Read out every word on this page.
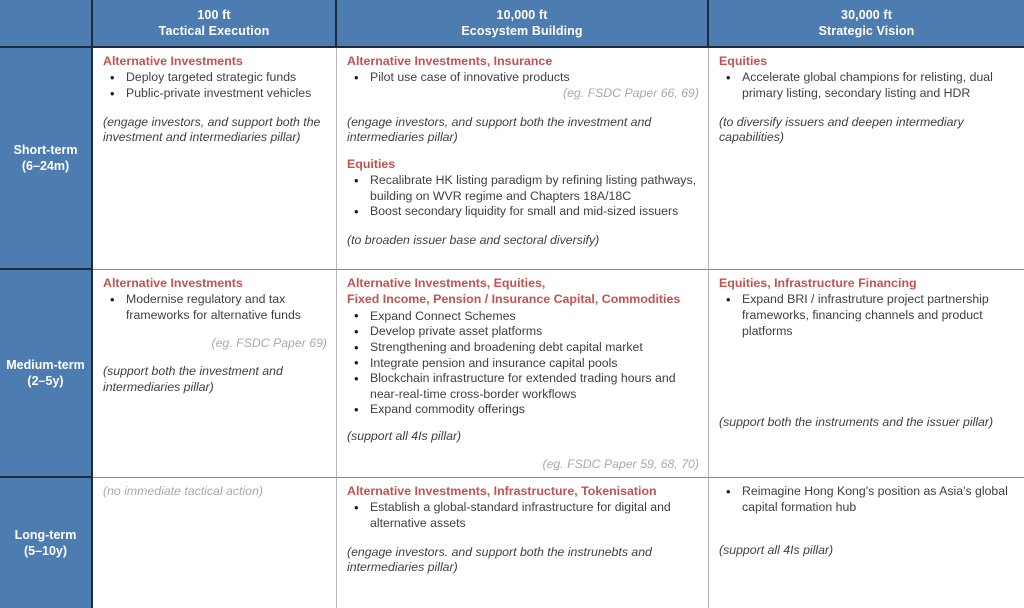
100 ft
Tactical Execution
10,000 ft
Ecosystem Building
30,000 ft
Strategic Vision
Short-term
(6–24m)
Alternative Investments
• Deploy targeted strategic funds
• Public-private investment vehicles
(engage investors, and support both the
investment and intermediaries pillar)
Alternative Investments, Insurance
• Pilot use case of innovative products
(eg. FSDC Paper 66, 69)
(engage investors, and support both the investment and intermediaries pillar)
Equities
• Recalibrate HK listing paradigm by refining listing pathways, building on WVR regime and Chapters 18A/18C
• Boost secondary liquidity for small and mid-sized issuers
(to broaden issuer base and sectoral diversify)
Equities
• Accelerate global champions for relisting, dual primary listing, secondary listing and HDR
(to diversify issuers and deepen intermediary capabilities)
Medium-term
(2–5y)
Alternative Investments
• Modernise regulatory and tax frameworks for alternative funds
(eg. FSDC Paper 69)
(support both the investment and intermediaries pillar)
Alternative Investments, Equities,
Fixed Income, Pension / Insurance Capital, Commodities
• Expand Connect Schemes
• Develop private asset platforms
• Strengthening and broadening debt capital market
• Integrate pension and insurance capital pools
• Blockchain infrastructure for extended trading hours and near-real-time cross-border workflows
• Expand commodity offerings
(support all 4Is pillar)
(eg. FSDC Paper 59, 68, 70)
Equities, Infrastructure Financing
• Expand BRI / infrastruture project partnership frameworks, financing channels and product platforms
(support both the instruments and the issuer pillar)
Long-term
(5–10y)
(no immediate tactical action)	Alternative Investments, Infrastructure, Tokenisation
• Establish a global-standard infrastructure for digital and alternative assets
(engage investors. and support both the instrunebts and intermediaries pillar)
• Reimagine Hong Kong's position as Asia's global capital formation hub
(support all 4Is pillar)
